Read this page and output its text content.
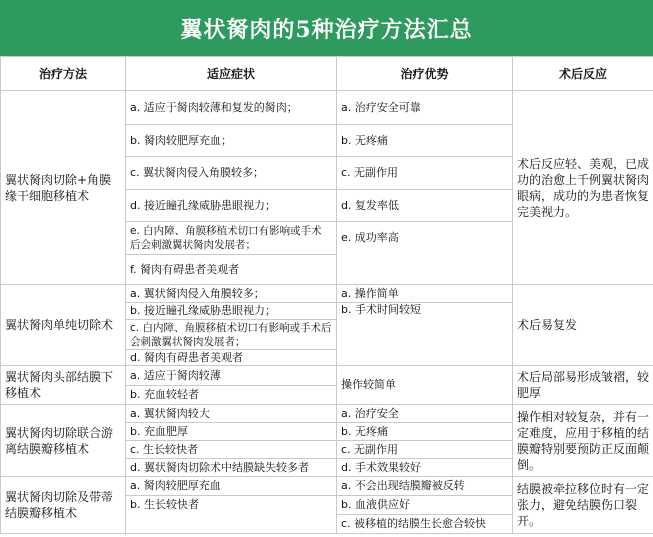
翼状胬肉的5种治疗方法汇总
治疗方法	适应症状	治疗优势	术后反应
翼状胬肉切除+角膜缘干细胞移植术	a. 适应于胬肉较薄和复发的胬肉；	a. 治疗安全可靠	术后反应轻、美观，已成功的治愈上千例翼状胬肉眼病，成功的为患者恢复完美视力。
	b. 胬肉较肥厚充血；	b. 无疼痛	
	c. 翼状胬肉侵入角膜较多；	c. 无副作用	
	d. 接近瞳孔缘威胁患眼视力；	d. 复发率低	
	e. 白内障、角膜移植术切口有影响或手术后会刺激翼状胬肉发展者；	e. 成功率高	
	f. 胬肉有碍患者美观者		
翼状胬肉单纯切除术	a. 翼状胬肉侵入角膜较多；	a. 操作简单	术后易复发
	b. 接近瞳孔缘威胁患眼视力；	b. 手术时间较短	
	c. 白内障、角膜移植术切口有影响或手术后会刺激翼状胬肉发展者；		
	d. 胬肉有碍患者美观者		
翼状胬肉头部结膜下移植术	a. 适应于胬肉较薄	操作较简单	术后局部易形成皱褶，较肥厚
	b. 充血较轻者		
翼状胬肉切除联合游离结膜瓣移植术	a. 翼状胬肉较大	a. 治疗安全	操作相对较复杂，并有一定难度，应用于移植的结膜瓣特别要预防正反面颠倒。
	b. 充血肥厚	b. 无疼痛	
	c. 生长较快者	c. 无副作用	
	d. 翼状胬肉切除术中结膜缺失较多者	d. 手术效果较好	
翼状胬肉切除及带蒂结膜瓣移植术	a. 胬肉较肥厚充血	a. 不会出现结膜瓣被反转	结膜被牵拉移位时有一定张力，避免结膜伤口裂开。
	b. 生长较快者	b. 血液供应好	
		c. 被移植的结膜生长愈合较快	
